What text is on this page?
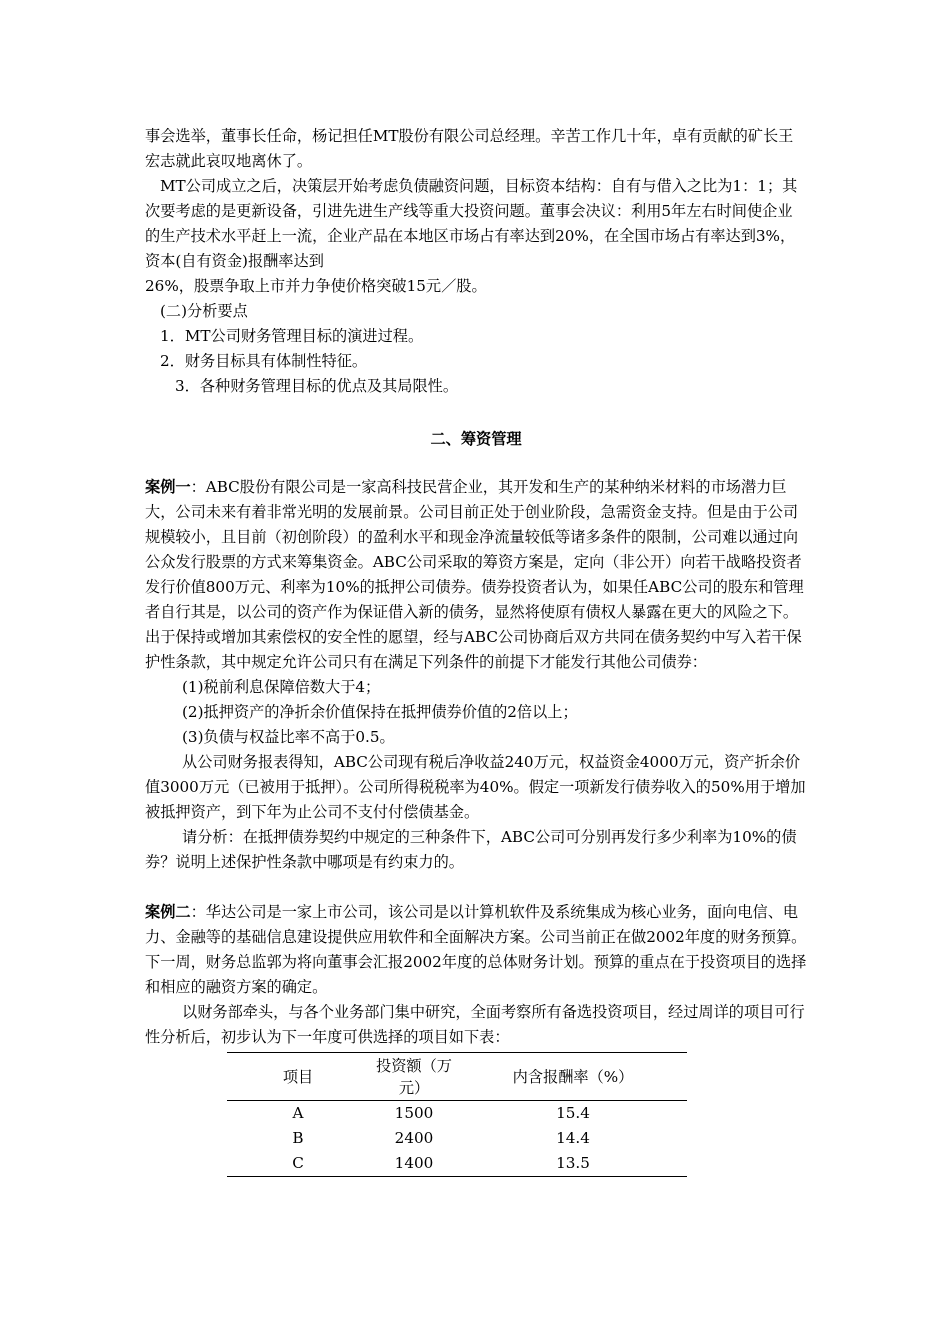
事会选举，董事长任命，杨记担任MT股份有限公司总经理。辛苦工作几十年，卓有贡献的矿长王宏志就此哀叹地离休了。

MT公司成立之后，决策层开始考虑负债融资问题，目标资本结构：自有与借入之比为1：1；其次要考虑的是更新设备，引进先进生产线等重大投资问题。董事会决议：利用5年左右时间使企业的生产技术水平赶上一流，企业产品在本地区市场占有率达到20%，在全国市场占有率达到3%，资本(自有资金)报酬率达到
26%，股票争取上市并力争使价格突破15元／股。

(二)分析要点

1．MT公司财务管理目标的演进过程。

2．财务目标具有体制性特征。

3．各种财务管理目标的优点及其局限性。

二、筹资管理

案例一：ABC股份有限公司是一家高科技民营企业，其开发和生产的某种纳米材料的市场潜力巨大，公司未来有着非常光明的发展前景。公司目前正处于创业阶段，急需资金支持。但是由于公司规模较小，且目前（初创阶段）的盈利水平和现金净流量较低等诸多条件的限制，公司难以通过向公众发行股票的方式来筹集资金。ABC公司采取的筹资方案是，定向（非公开）向若干战略投资者发行价值800万元、利率为10%的抵押公司债券。债券投资者认为，如果任ABC公司的股东和管理者自行其是，以公司的资产作为保证借入新的债务，显然将使原有债权人暴露在更大的风险之下。出于保持或增加其索偿权的安全性的愿望，经与ABC公司协商后双方共同在债务契约中写入若干保护性条款，其中规定允许公司只有在满足下列条件的前提下才能发行其他公司债券：

(1)税前利息保障倍数大于4；

(2)抵押资产的净折余价值保持在抵押债券价值的2倍以上；

(3)负债与权益比率不高于0.5。

从公司财务报表得知，ABC公司现有税后净收益240万元，权益资金4000万元，资产折余价值3000万元（已被用于抵押）。公司所得税税率为40%。假定一项新发行债券收入的50%用于增加被抵押资产，到下年为止公司不支付付偿债基金。

请分析：在抵押债券契约中规定的三种条件下，ABC公司可分别再发行多少利率为10%的债券？说明上述保护性条款中哪项是有约束力的。

案例二：华达公司是一家上市公司，该公司是以计算机软件及系统集成为核心业务，面向电信、电力、金融等的基础信息建设提供应用软件和全面解决方案。公司当前正在做2002年度的财务预算。下一周，财务总监郭为将向董事会汇报2002年度的总体财务计划。预算的重点在于投资项目的选择和相应的融资方案的确定。

以财务部牵头，与各个业务部门集中研究，全面考察所有备选投资项目，经过周详的项目可行性分析后，初步认为下一年度可供选择的项目如下表：

项目	投资额（万元）	内含报酬率（%）
A	1500	15.4
B	2400	14.4
C	1400	13.5
